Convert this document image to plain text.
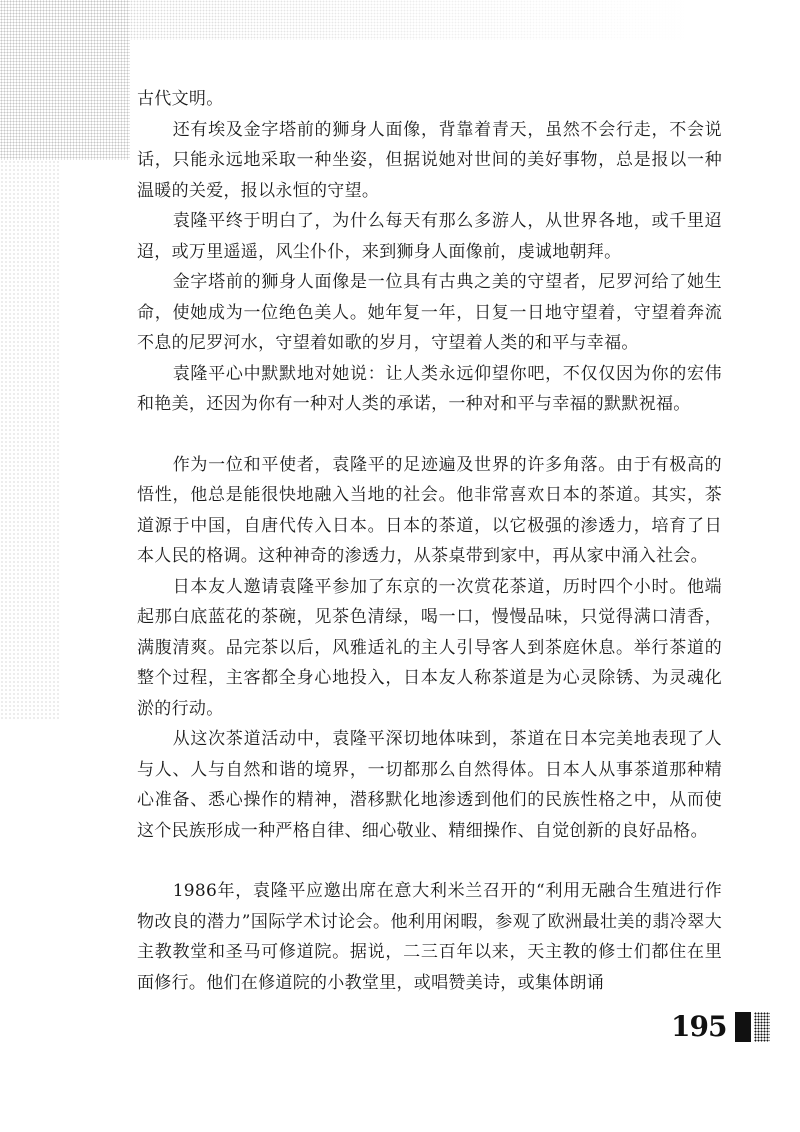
古代文明。

还有埃及金字塔前的狮身人面像，背靠着青天，虽然不会行走，不会说话，只能永远地采取一种坐姿，但据说她对世间的美好事物，总是报以一种温暖的关爱，报以永恒的守望。

袁隆平终于明白了，为什么每天有那么多游人，从世界各地，或千里迢迢，或万里遥遥，风尘仆仆，来到狮身人面像前，虔诚地朝拜。

金字塔前的狮身人面像是一位具有古典之美的守望者，尼罗河给了她生命，使她成为一位绝色美人。她年复一年，日复一日地守望着，守望着奔流不息的尼罗河水，守望着如歌的岁月，守望着人类的和平与幸福。

袁隆平心中默默地对她说：让人类永远仰望你吧，不仅仅因为你的宏伟和艳美，还因为你有一种对人类的承诺，一种对和平与幸福的默默祝福。

作为一位和平使者，袁隆平的足迹遍及世界的许多角落。由于有极高的悟性，他总是能很快地融入当地的社会。他非常喜欢日本的茶道。其实，茶道源于中国，自唐代传入日本。日本的茶道，以它极强的渗透力，培育了日本人民的格调。这种神奇的渗透力，从茶桌带到家中，再从家中涌入社会。

日本友人邀请袁隆平参加了东京的一次赏花茶道，历时四个小时。他端起那白底蓝花的茶碗，见茶色清绿，喝一口，慢慢品味，只觉得满口清香，满腹清爽。品完茶以后，风雅适礼的主人引导客人到茶庭休息。举行茶道的整个过程，主客都全身心地投入，日本友人称茶道是为心灵除锈、为灵魂化淤的行动。

从这次茶道活动中，袁隆平深切地体味到，茶道在日本完美地表现了人与人、人与自然和谐的境界，一切都那么自然得体。日本人从事茶道那种精心准备、悉心操作的精神，潜移默化地渗透到他们的民族性格之中，从而使这个民族形成一种严格自律、细心敬业、精细操作、自觉创新的良好品格。

1986年，袁隆平应邀出席在意大利米兰召开的“利用无融合生殖进行作物改良的潜力”国际学术讨论会。他利用闲暇，参观了欧洲最壮美的翡冷翠大主教教堂和圣马可修道院。据说，二三百年以来，天主教的修士们都住在里面修行。他们在修道院的小教堂里，或唱赞美诗，或集体朗诵

195
